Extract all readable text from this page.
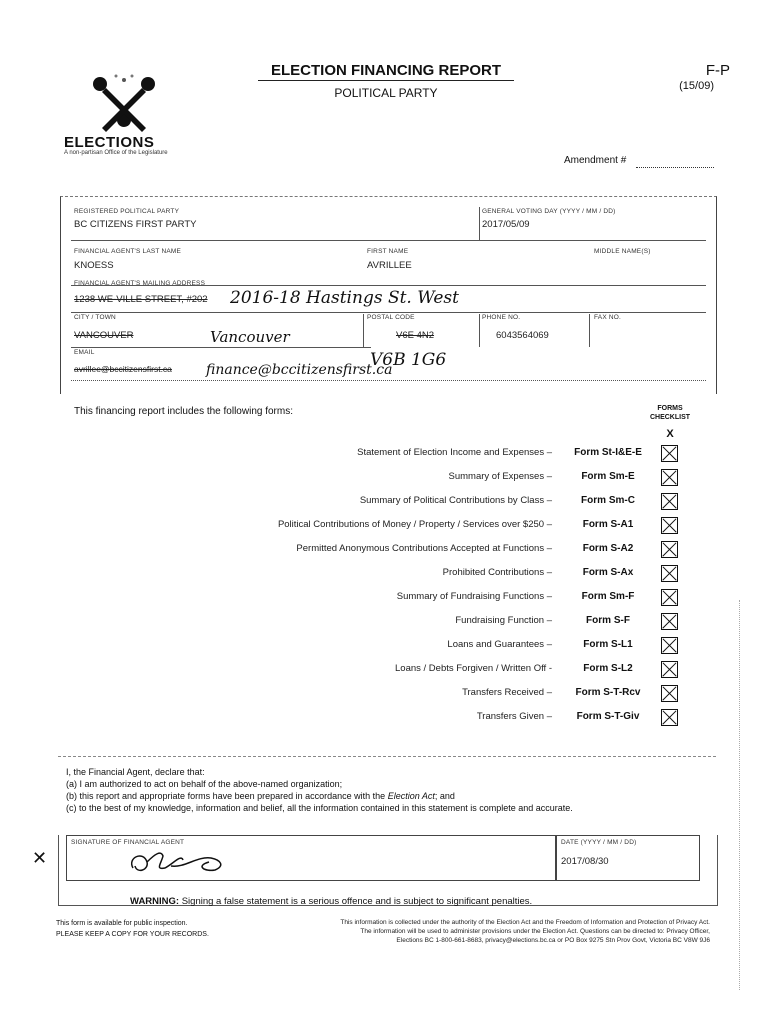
ELECTIONS
A non-partisan Office of the Legislature
ELECTION FINANCING REPORT
POLITICAL PARTY
F-P
(15/09)
Amendment #
REGISTERED POLITICAL PARTY
BC CITIZENS FIRST PARTY
GENERAL VOTING DAY (YYYY / MM / DD)
2017/05/09
FINANCIAL AGENT'S LAST NAME
KNOESS
FIRST NAME
AVRILLEE
MIDDLE NAME(S)
FINANCIAL AGENT'S MAILING ADDRESS
1238 WE-VILLE STREET, #202 2016-18 Hastings St. West
CITY / TOWN
VANCOUVER	Vancouver
POSTAL CODE
V6E 4N2
V6B 1G6
PHONE NO.
6043564069
FAX NO.
EMAIL
avrillee@bccitizensfirst.ca finance@bccitizensfirst.ca
This financing report includes the following forms:	FORMS
CHECKLIST
X
Statement of Election Income and Expenses –	Form St-I&E-E
Summary of Expenses –	Form Sm-E
Summary of Political Contributions by Class –	Form Sm-C
Political Contributions of Money / Property / Services over $250 –	Form S-A1
Permitted Anonymous Contributions Accepted at Functions –	Form S-A2
Prohibited Contributions –	Form S-Ax
Summary of Fundraising Functions –	Form Sm-F
Fundraising Function –	Form S-F
Loans and Guarantees –	Form S-L1
Loans / Debts Forgiven / Written Off -	Form S-L2
Transfers Received –	Form S-T-Rcv
Transfers Given –	Form S-T-Giv

I, the Financial Agent, declare that:

(a) I am authorized to act on behalf of the above-named organization;

(b) this report and appropriate forms have been prepared in accordance with the Election Act; and

(c) to the best of my knowledge, information and belief, all the information contained in this statement is complete and accurate.

SIGNATURE OF FINANCIAL AGENT	DATE (YYYY / MM / DD)
2017/08/30
✕
WARNING: Signing a false statement is a serious offence and is subject to significant penalties.
This form is available for public inspection.
PLEASE KEEP A COPY FOR YOUR RECORDS.
This information is collected under the authority of the Election Act and the Freedom of Information and Protection of Privacy Act.
The information will be used to administer provisions under the Election Act. Questions can be directed to: Privacy Officer,
Elections BC 1-800-661-8683, privacy@elections.bc.ca or PO Box 9275 Stn Prov Govt, Victoria BC V8W 9J6
